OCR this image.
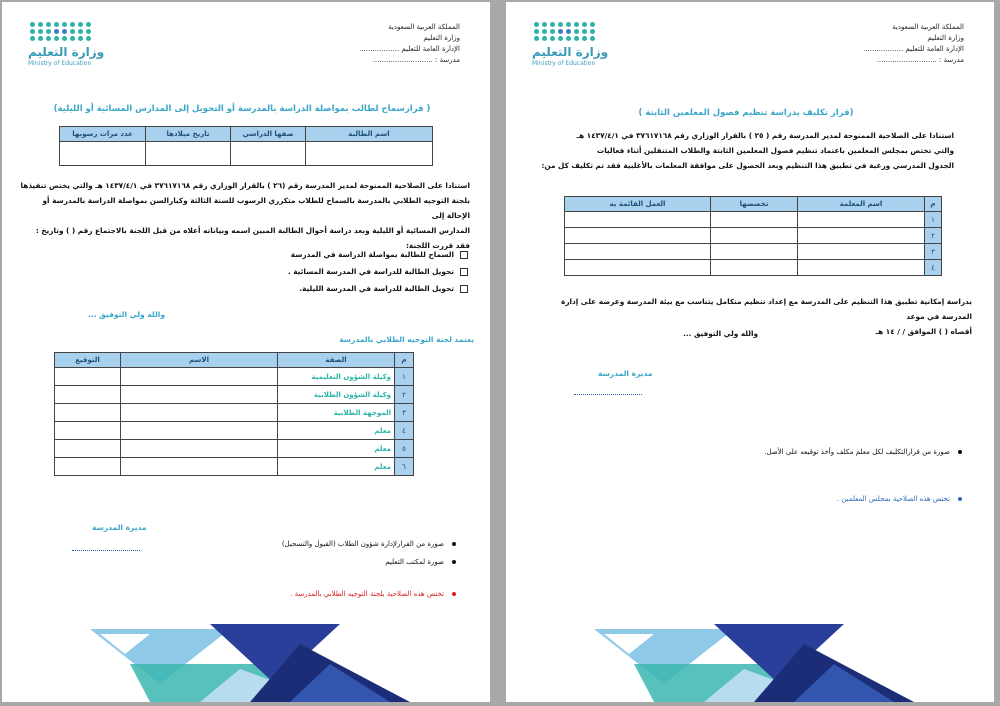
المملكة العربية السعودية
وزارة التعليم
الإدارة العامة للتعليم ..................
مدرسة : ...........................
وزارة التعليم
Ministry of Education
( قرارسماح لطالب بمواصلة الدراسة بالمدرسة أو التحويل إلى المدارس المسائية أو الليلية)
اسم الطالبة	صفها الدراسي	تاريخ ميلادها	عدد مرات رسوبها

استنادا على الصلاحية الممنوحة لمدير المدرسة رقم (٢٦ ) بالقرار الوزاري رقم ٣٧٦١٧١٦٨ في ١٤٣٧/٤/١ هـ والتي يختص تنفيذها
بلجنة التوجيه الطلابي بالمدرسة بالسماح للطلاب متكرري الرسوب للسنة الثالثة وكبارالسن بمواصلة الدراسة بالمدرسة أو الإحالة إلى
المدارس المسائية أو الليلية وبعد دراسة أحوال الطالبة المبين اسمه وبياناته أعلاه من قبل اللجنة بالاجتماع رقم ( ) وتاريخ :
فقد قررت اللجنة:
السماح للطالبة بمواصلة الدراسة في المدرسة
تحويل الطالبة للدراسة في المدرسة المسائية .
تحويل الطالبة للدراسة في المدرسة الليلية.
والله ولي التوفيق ...
يعتمد لجنة التوجيه الطلابي بالمدرسة
م	الصفة	الاسم	التوقيع
١	وكيلة الشؤون التعليمية		
٢	وكيلة الشؤون الطلابية		
٣	الموجهة الطلابية		
٤	معلم		
٥	معلم		
٦	معلم		
مديرة المدرسة
صورة من القرارلإدارة شؤون الطلاب (القبول والتسجيل)
صورة لمكتب التعليم
تختص هذه الصلاحية بلجنة التوجيه الطلابي بالمدرسة .
المملكة العربية السعودية
وزارة التعليم
الإدارة العامة للتعليم ..................
مدرسة : ...........................
وزارة التعليم
Ministry of Education
(قرار تكليف بدراسة تنظيم فصول المعلمين الثابتة )
استنادا على الصلاحية الممنوحة لمدير المدرسة رقم ( ٢٥ ) بالقرار الوزاري رقم ٣٧٦١٧١٦٨ في ١٤٣٧/٤/١ هـ
والتي تختص بمجلس المعلمين باعتماد تنظيم فصول المعلمين الثابتة والطلاب المتنقلين أثناء فعاليات
الجدول المدرسي ورغبة في تطبيق هذا التنظيم وبعد الحصول على موافقة المعلمات بالأغلبية فقد تم تكليف كل من:
م	اسم المعلمة	تخصصها	العمل القائمة به
١			
٢			
٣			
٤			
بدراسة إمكانية تطبيق هذا التنظيم على المدرسة مع إعداد تنظيم متكامل يتناسب مع بيئة المدرسة وعرضه على إدارة المدرسة في موعد
أقصاه ( ) الموافق / / ١٤ هـ
والله ولي التوفيق ...
مديرة المدرسة
صورة من قرارالتكليف لكل معلم مكلف وأخذ توقيعه على الأصل.
تختص هذه الصلاحية بمجلس المعلمين .
